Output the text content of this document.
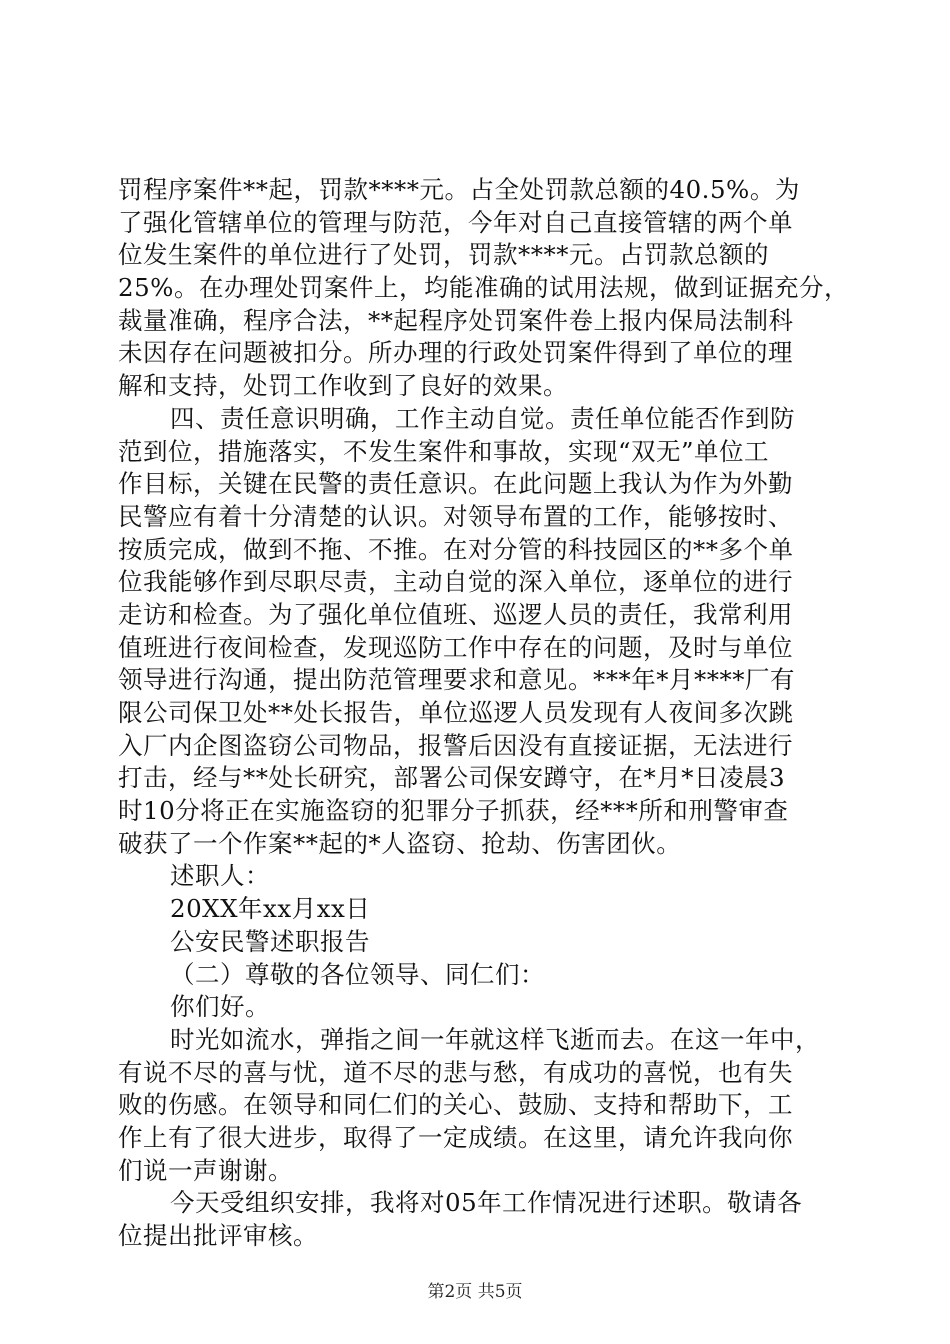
罚程序案件**起，罚款****元。占全处罚款总额的40.5%。为
了强化管辖单位的管理与防范，今年对自己直接管辖的两个单
位发生案件的单位进行了处罚，罚款****元。占罚款总额的
25%。在办理处罚案件上，均能准确的试用法规，做到证据充分，
裁量准确，程序合法，**起程序处罚案件卷上报内保局法制科
未因存在问题被扣分。所办理的行政处罚案件得到了单位的理
解和支持，处罚工作收到了良好的效果。
四、责任意识明确，工作主动自觉。责任单位能否作到防
范到位，措施落实，不发生案件和事故，实现“双无”单位工
作目标，关键在民警的责任意识。在此问题上我认为作为外勤
民警应有着十分清楚的认识。对领导布置的工作，能够按时、
按质完成，做到不拖、不推。在对分管的科技园区的**多个单
位我能够作到尽职尽责，主动自觉的深入单位，逐单位的进行
走访和检查。为了强化单位值班、巡逻人员的责任，我常利用
值班进行夜间检查，发现巡防工作中存在的问题，及时与单位
领导进行沟通，提出防范管理要求和意见。***年*月****厂有
限公司保卫处**处长报告，单位巡逻人员发现有人夜间多次跳
入厂内企图盗窃公司物品，报警后因没有直接证据，无法进行
打击，经与**处长研究，部署公司保安蹲守，在*月*日凌晨3
时10分将正在实施盗窃的犯罪分子抓获，经***所和刑警审查
破获了一个作案**起的*人盗窃、抢劫、伤害团伙。
述职人：
20XX年xx月xx日
公安民警述职报告
（二）尊敬的各位领导、同仁们：
你们好。
时光如流水，弹指之间一年就这样飞逝而去。在这一年中，
有说不尽的喜与忧，道不尽的悲与愁，有成功的喜悦，也有失
败的伤感。在领导和同仁们的关心、鼓励、支持和帮助下，工
作上有了很大进步，取得了一定成绩。在这里，请允许我向你
们说一声谢谢。
今天受组织安排，我将对05年工作情况进行述职。敬请各
位提出批评审核。
第2页 共5页
